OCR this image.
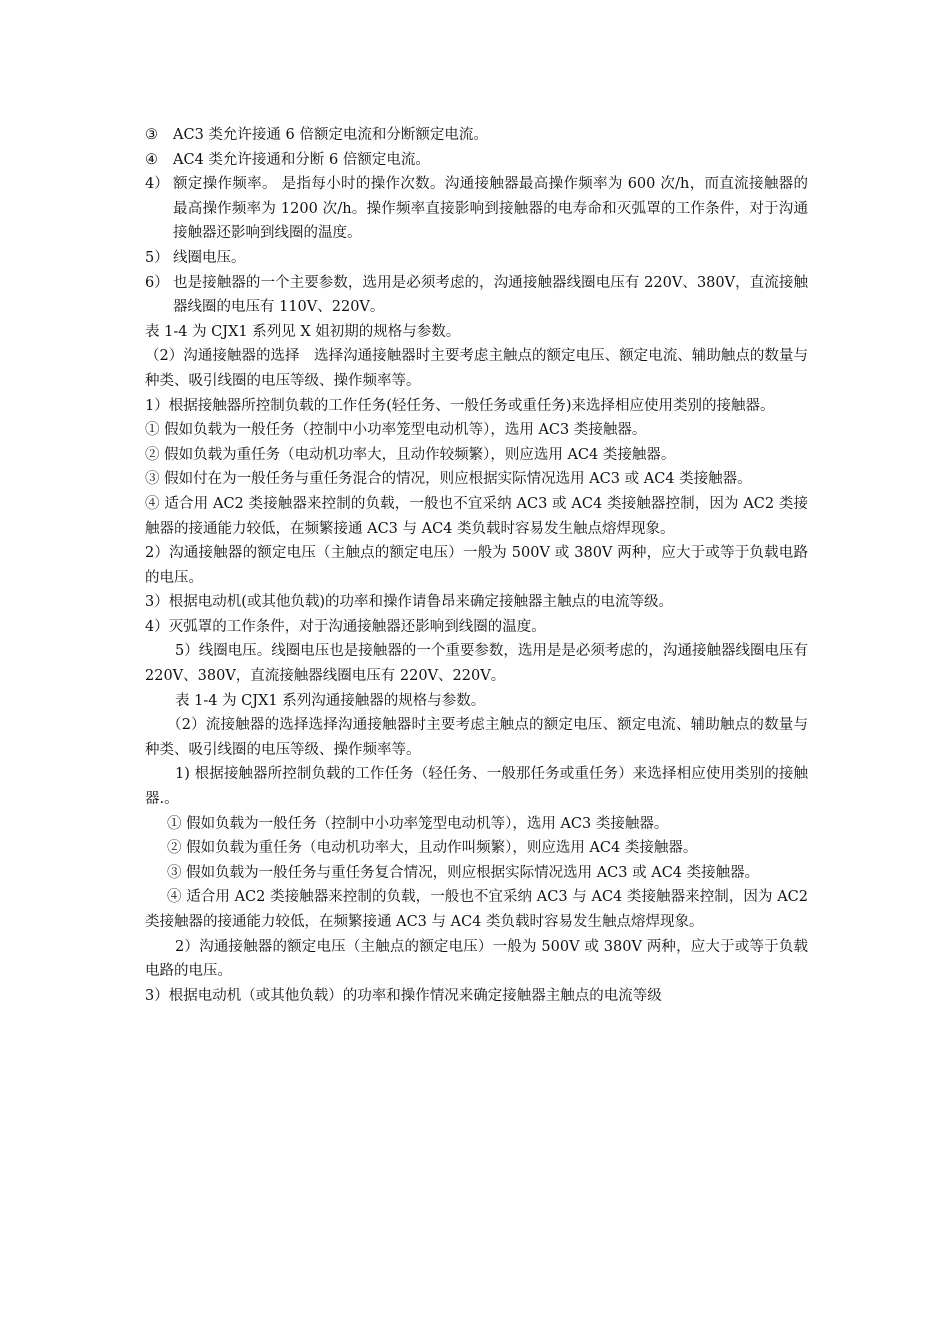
③	AC3 类允许接通 6 倍额定电流和分断额定电流。
④	AC4 类允许接通和分断 6 倍额定电流。
4） 额定操作频率。 是指每小时的操作次数。沟通接触器最高操作频率为 600 次/h，而直流接触器的最高操作频率为 1200 次/h。操作频率直接影响到接触器的电寿命和灭弧罩的工作条件，对于沟通接触器还影响到线圈的温度。
5） 线圈电压。
6） 也是接触器的一个主要参数，选用是必须考虑的，沟通接触器线圈电压有 220V、380V，直流接触器线圈的电压有 110V、220V。

表 1-4 为 CJX1 系列见 X 姐初期的规格与参数。

（2）沟通接触器的选择　选择沟通接触器时主要考虑主触点的额定电压、额定电流、辅助触点的数量与种类、吸引线圈的电压等级、操作频率等。

1）根据接触器所控制负载的工作任务(轻任务、一般任务或重任务)来选择相应使用类别的接触器。

① 假如负载为一般任务（控制中小功率笼型电动机等），选用 AC3 类接触器。

② 假如负载为重任务（电动机功率大，且动作较频繁），则应选用 AC4 类接触器。

③ 假如付在为一般任务与重任务混合的情况，则应根据实际情况选用 AC3 或 AC4 类接触器。

④ 适合用 AC2 类接触器来控制的负载，一般也不宜采纳 AC3 或 AC4 类接触器控制，因为 AC2 类接触器的接通能力较低，在频繁接通 AC3 与 AC4 类负载时容易发生触点熔焊现象。

2）沟通接触器的额定电压（主触点的额定电压）一般为 500V 或 380V 两种，应大于或等于负载电路的电压。

3）根据电动机(或其他负载)的功率和操作请鲁昂来确定接触器主触点的电流等级。

4）灭弧罩的工作条件，对于沟通接触器还影响到线圈的温度。

5）线圈电压。线圈电压也是接触器的一个重要参数，选用是是必须考虑的，沟通接触器线圈电压有 220V、380V，直流接触器线圈电压有 220V、220V。

表 1-4 为 CJX1 系列沟通接触器的规格与参数。

（2）流接触器的选择选择沟通接触器时主要考虑主触点的额定电压、额定电流、辅助触点的数量与种类、吸引线圈的电压等级、操作频率等。

1) 根据接触器所控制负载的工作任务（轻任务、一般那任务或重任务）来选择相应使用类别的接触器.。

① 假如负载为一般任务（控制中小功率笼型电动机等），选用 AC3 类接触器。

② 假如负载为重任务（电动机功率大，且动作叫频繁），则应选用 AC4 类接触器。

③ 假如负载为一般任务与重任务复合情况，则应根据实际情况选用 AC3 或 AC4 类接触器。

④ 适合用 AC2 类接触器来控制的负载，一般也不宜采纳 AC3 与 AC4 类接触器来控制，因为 AC2 类接触器的接通能力较低，在频繁接通 AC3 与 AC4 类负载时容易发生触点熔焊现象。

2）沟通接触器的额定电压（主触点的额定电压）一般为 500V 或 380V 两种，应大于或等于负载电路的电压。

3）根据电动机（或其他负载）的功率和操作情况来确定接触器主触点的电流等级
